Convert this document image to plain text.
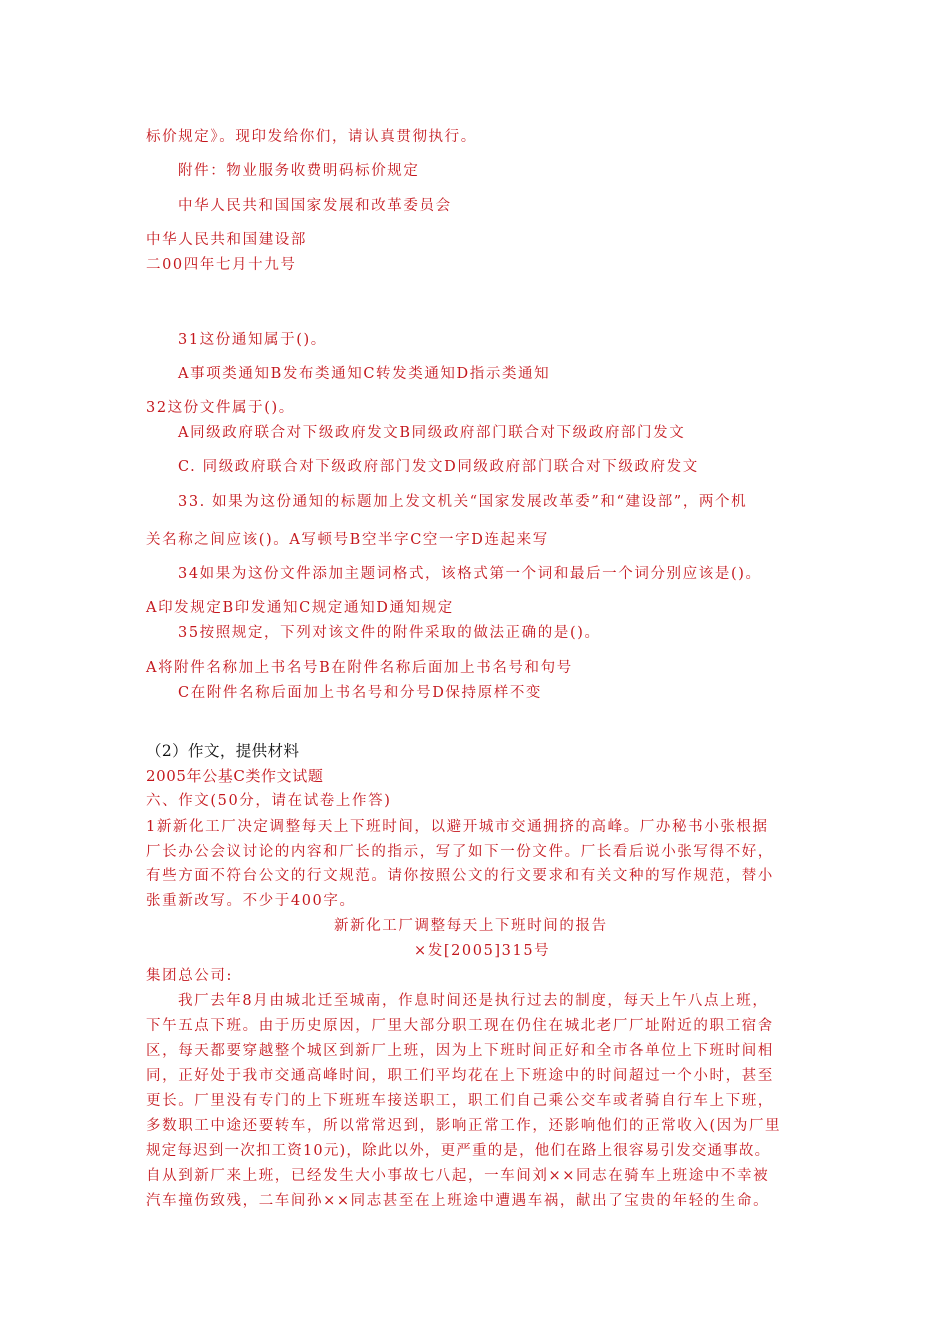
标价规定》。现印发给你们，请认真贯彻执行。

附件：物业服务收费明码标价规定

中华人民共和国国家发展和改革委员会

中华人民共和国建设部

二00四年七月十九号

31这份通知属于()。

A事项类通知B发布类通知C转发类通知D指示类通知

32这份文件属于()。

A同级政府联合对下级政府发文B同级政府部门联合对下级政府部门发文

C. 同级政府联合对下级政府部门发文D同级政府部门联合对下级政府发文

33. 如果为这份通知的标题加上发文机关“国家发展改革委”和“建设部”，两个机

关名称之间应该()。A写顿号B空半字C空一字D连起来写

34如果为这份文件添加主题词格式，该格式第一个词和最后一个词分别应该是()。

A印发规定B印发通知C规定通知D通知规定

35按照规定，下列对该文件的附件采取的做法正确的是()。

A将附件名称加上书名号B在附件名称后面加上书名号和句号

C在附件名称后面加上书名号和分号D保持原样不变

（2）作文，提供材料

2005年公基C类作文试题

六、作文(50分，请在试卷上作答)

1新新化工厂决定调整每天上下班时间，以避开城市交通拥挤的高峰。厂办秘书小张根据

厂长办公会议讨论的内容和厂长的指示，写了如下一份文件。厂长看后说小张写得不好，

有些方面不符台公文的行文规范。请你按照公文的行文要求和有关文种的写作规范，替小

张重新改写。不少于400字。

新新化工厂调整每天上下班时间的报告

×发[2005]315号

集团总公司:

我厂去年8月由城北迁至城南，作息时间还是执行过去的制度，每天上午八点上班，

下午五点下班。由于历史原因，厂里大部分职工现在仍住在城北老厂厂址附近的职工宿舍

区，每天都要穿越整个城区到新厂上班，因为上下班时间正好和全市各单位上下班时间相

同，正好处于我市交通高峰时间，职工们平均花在上下班途中的时间超过一个小时，甚至

更长。厂里没有专门的上下班班车接送职工，职工们自己乘公交车或者骑自行车上下班，

多数职工中途还要转车，所以常常迟到，影响正常工作，还影响他们的正常收入(因为厂里

规定每迟到一次扣工资10元)，除此以外，更严重的是，他们在路上很容易引发交通事故。

自从到新厂来上班，已经发生大小事故七八起，一车间刘××同志在骑车上班途中不幸被

汽车撞伤致残，二车间孙××同志甚至在上班途中遭遇车祸，献出了宝贵的年轻的生命。
